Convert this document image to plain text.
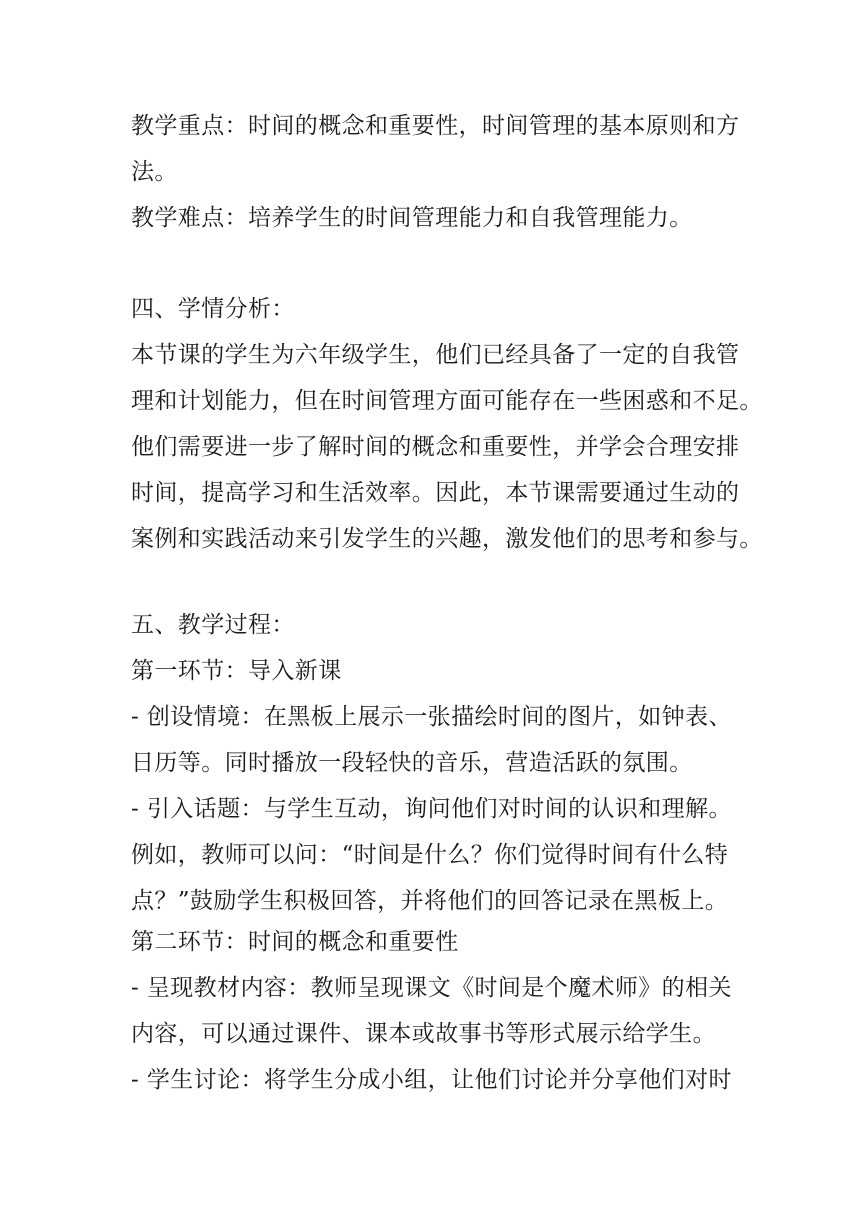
教学重点：时间的概念和重要性，时间管理的基本原则和方
法。
教学难点：培养学生的时间管理能力和自我管理能力。
四、学情分析：
本节课的学生为六年级学生，他们已经具备了一定的自我管
理和计划能力，但在时间管理方面可能存在一些困惑和不足。
他们需要进一步了解时间的概念和重要性，并学会合理安排
时间，提高学习和生活效率。因此，本节课需要通过生动的
案例和实践活动来引发学生的兴趣，激发他们的思考和参与。
五、教学过程：
第一环节：导入新课
- 创设情境：在黑板上展示一张描绘时间的图片，如钟表、
日历等。同时播放一段轻快的音乐，营造活跃的氛围。
- 引入话题：与学生互动，询问他们对时间的认识和理解。
例如，教师可以问：“时间是什么？你们觉得时间有什么特
点？”鼓励学生积极回答，并将他们的回答记录在黑板上。
第二环节：时间的概念和重要性
- 呈现教材内容：教师呈现课文《时间是个魔术师》的相关
内容，可以通过课件、课本或故事书等形式展示给学生。
- 学生讨论：将学生分成小组，让他们讨论并分享他们对时
